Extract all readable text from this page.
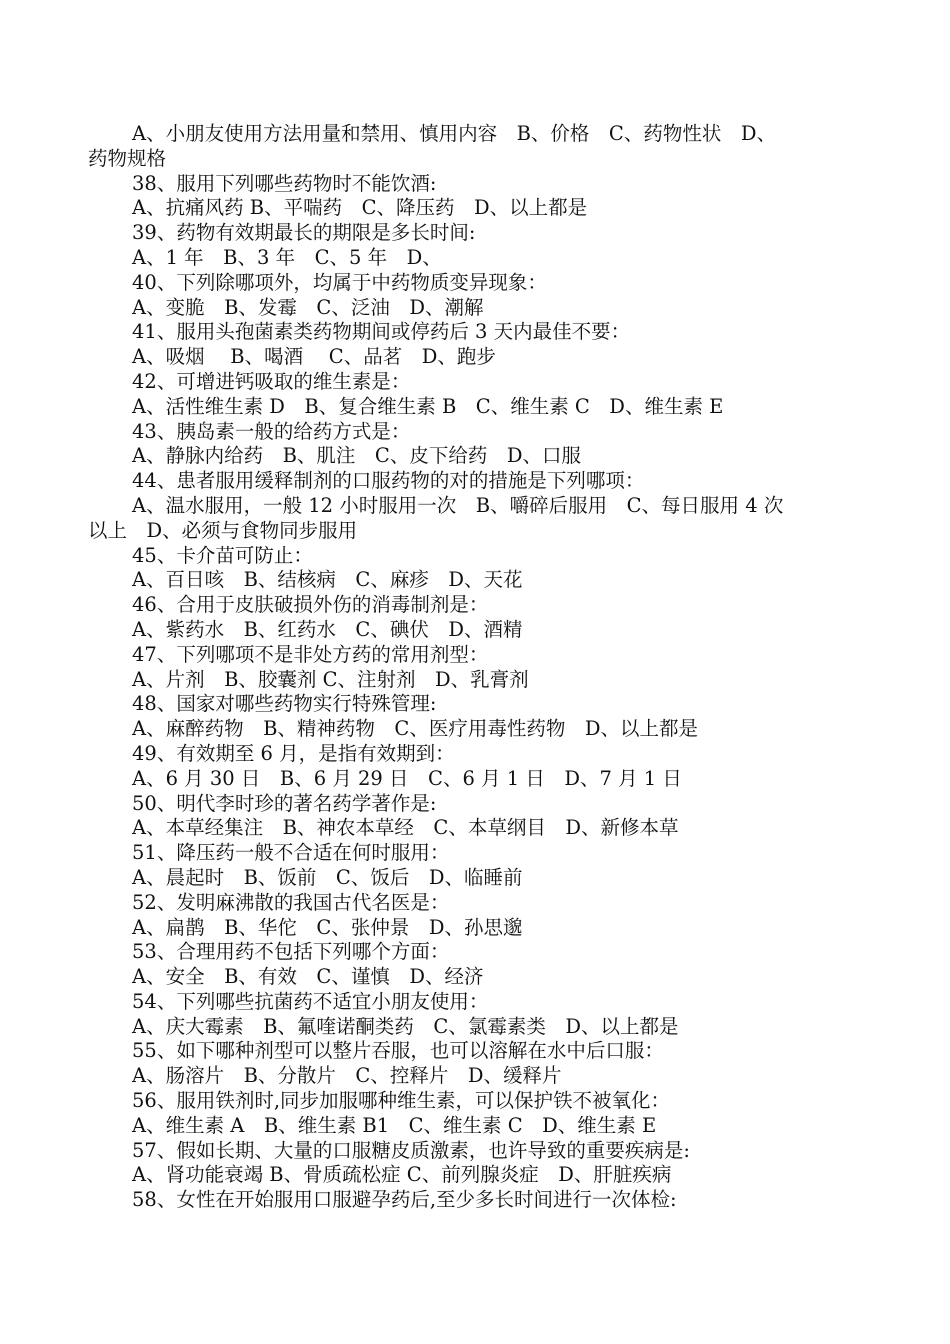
A、小朋友使用方法用量和禁用、慎用内容　B、价格　C、药物性状　D、
药物规格
38、服用下列哪些药物时不能饮酒:
A、抗痛风药 B、平喘药　C、降压药　D、以上都是
39、药物有效期最长的期限是多长时间:
A、1 年　B、3 年　C、5 年　D、
40、下列除哪项外，均属于中药物质变异现象：
A、变脆　B、发霉　C、泛油　D、潮解
41、服用头孢菌素类药物期间或停药后 3 天内最佳不要：
A、吸烟　 B、喝酒　 C、品茗　D、跑步
42、可增进钙吸取的维生素是：
A、活性维生素 D　B、复合维生素 B　C、维生素 C　D、维生素 E
43、胰岛素一般的给药方式是：
A、静脉内给药　B、肌注　C、皮下给药　D、口服
44、患者服用缓释制剂的口服药物的对的措施是下列哪项：
A、温水服用，一般 12 小时服用一次　B、嚼碎后服用　C、每日服用 4 次
以上　D、必须与食物同步服用
45、卡介苗可防止：
A、百日咳　B、结核病　C、麻疹　D、天花
46、合用于皮肤破损外伤的消毒制剂是：
A、紫药水　B、红药水　C、碘伏　D、酒精
47、下列哪项不是非处方药的常用剂型：
A、片剂　B、胶囊剂 C、注射剂　D、乳膏剂
48、国家对哪些药物实行特殊管理:
A、麻醉药物　B、精神药物　C、医疗用毒性药物　D、以上都是
49、有效期至 6 月，是指有效期到：
A、6 月 30 日　B、6 月 29 日　C、6 月 1 日　D、7 月 1 日
50、明代李时珍的著名药学著作是:
A、本草经集注　B、神农本草经　C、本草纲目　D、新修本草
51、降压药一般不合适在何时服用：
A、晨起时　B、饭前　C、饭后　D、临睡前
52、发明麻沸散的我国古代名医是：
A、扁鹊　B、华佗　C、张仲景　D、孙思邈
53、合理用药不包括下列哪个方面：
A、安全　B、有效　C、谨慎　D、经济
54、下列哪些抗菌药不适宜小朋友使用：
A、庆大霉素　B、氟喹诺酮类药　C、氯霉素类　D、以上都是
55、如下哪种剂型可以整片吞服，也可以溶解在水中后口服：
A、肠溶片　B、分散片　C、控释片　D、缓释片
56、服用铁剂时,同步加服哪种维生素，可以保护铁不被氧化：
A、维生素 A　B、维生素 B1　C、维生素 C　D、维生素 E
57、假如长期、大量的口服糖皮质激素，也许导致的重要疾病是:
A、肾功能衰竭 B、骨质疏松症 C、前列腺炎症　D、肝脏疾病
58、女性在开始服用口服避孕药后,至少多长时间进行一次体检:
